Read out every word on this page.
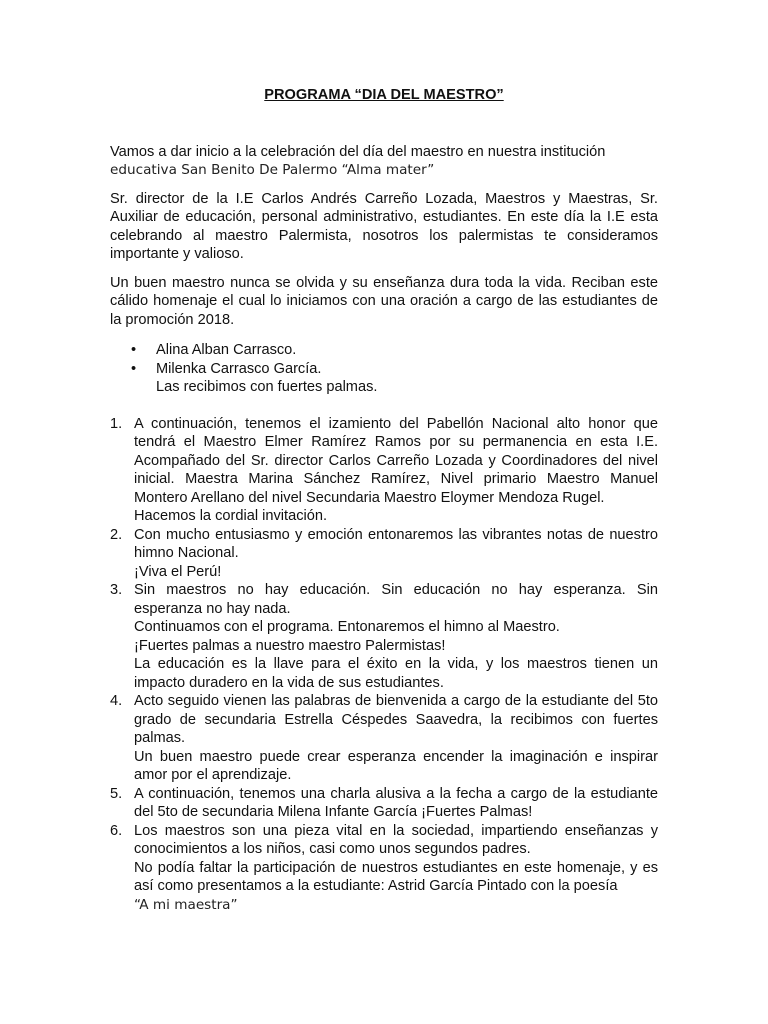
PROGRAMA “DIA DEL MAESTRO”

Vamos a dar inicio a la celebración del día del maestro en nuestra institución
educativa San Benito De Palermo “Alma mater”

Sr. director de la I.E Carlos Andrés Carreño Lozada, Maestros y Maestras, Sr. Auxiliar de educación, personal administrativo, estudiantes. En este día la I.E esta celebrando al maestro Palermista, nosotros los palermistas te consideramos importante y valioso.

Un buen maestro nunca se olvida y su enseñanza dura toda la vida. Reciban este cálido homenaje el cual lo iniciamos con una oración a cargo de las estudiantes de la promoción 2018.

• Alina Alban Carrasco.
• Milenka Carrasco García.
Las recibimos con fuertes palmas.
1. A continuación, tenemos el izamiento del Pabellón Nacional alto honor que tendrá el Maestro Elmer Ramírez Ramos por su permanencia en esta I.E. Acompañado del Sr. director Carlos Carreño Lozada y Coordinadores del nivel inicial. Maestra Marina Sánchez Ramírez, Nivel primario Maestro Manuel Montero Arellano del nivel Secundaria Maestro Eloymer Mendoza Rugel.
Hacemos la cordial invitación.
2. Con mucho entusiasmo y emoción entonaremos las vibrantes notas de nuestro himno Nacional.
¡Viva el Perú!
3. Sin maestros no hay educación. Sin educación no hay esperanza. Sin esperanza no hay nada.
Continuamos con el programa. Entonaremos el himno al Maestro.
¡Fuertes palmas a nuestro maestro Palermistas!
La educación es la llave para el éxito en la vida, y los maestros tienen un impacto duradero en la vida de sus estudiantes.
4. Acto seguido vienen las palabras de bienvenida a cargo de la estudiante del 5to grado de secundaria Estrella Céspedes Saavedra, la recibimos con fuertes palmas.
Un buen maestro puede crear esperanza encender la imaginación e inspirar amor por el aprendizaje.
5. A continuación, tenemos una charla alusiva a la fecha a cargo de la estudiante del 5to de secundaria Milena Infante García ¡Fuertes Palmas!
6. Los maestros son una pieza vital en la sociedad, impartiendo enseñanzas y conocimientos a los niños, casi como unos segundos padres.
No podía faltar la participación de nuestros estudiantes en este homenaje, y es así como presentamos a la estudiante: Astrid García Pintado con la poesía
“A mi maestra”
